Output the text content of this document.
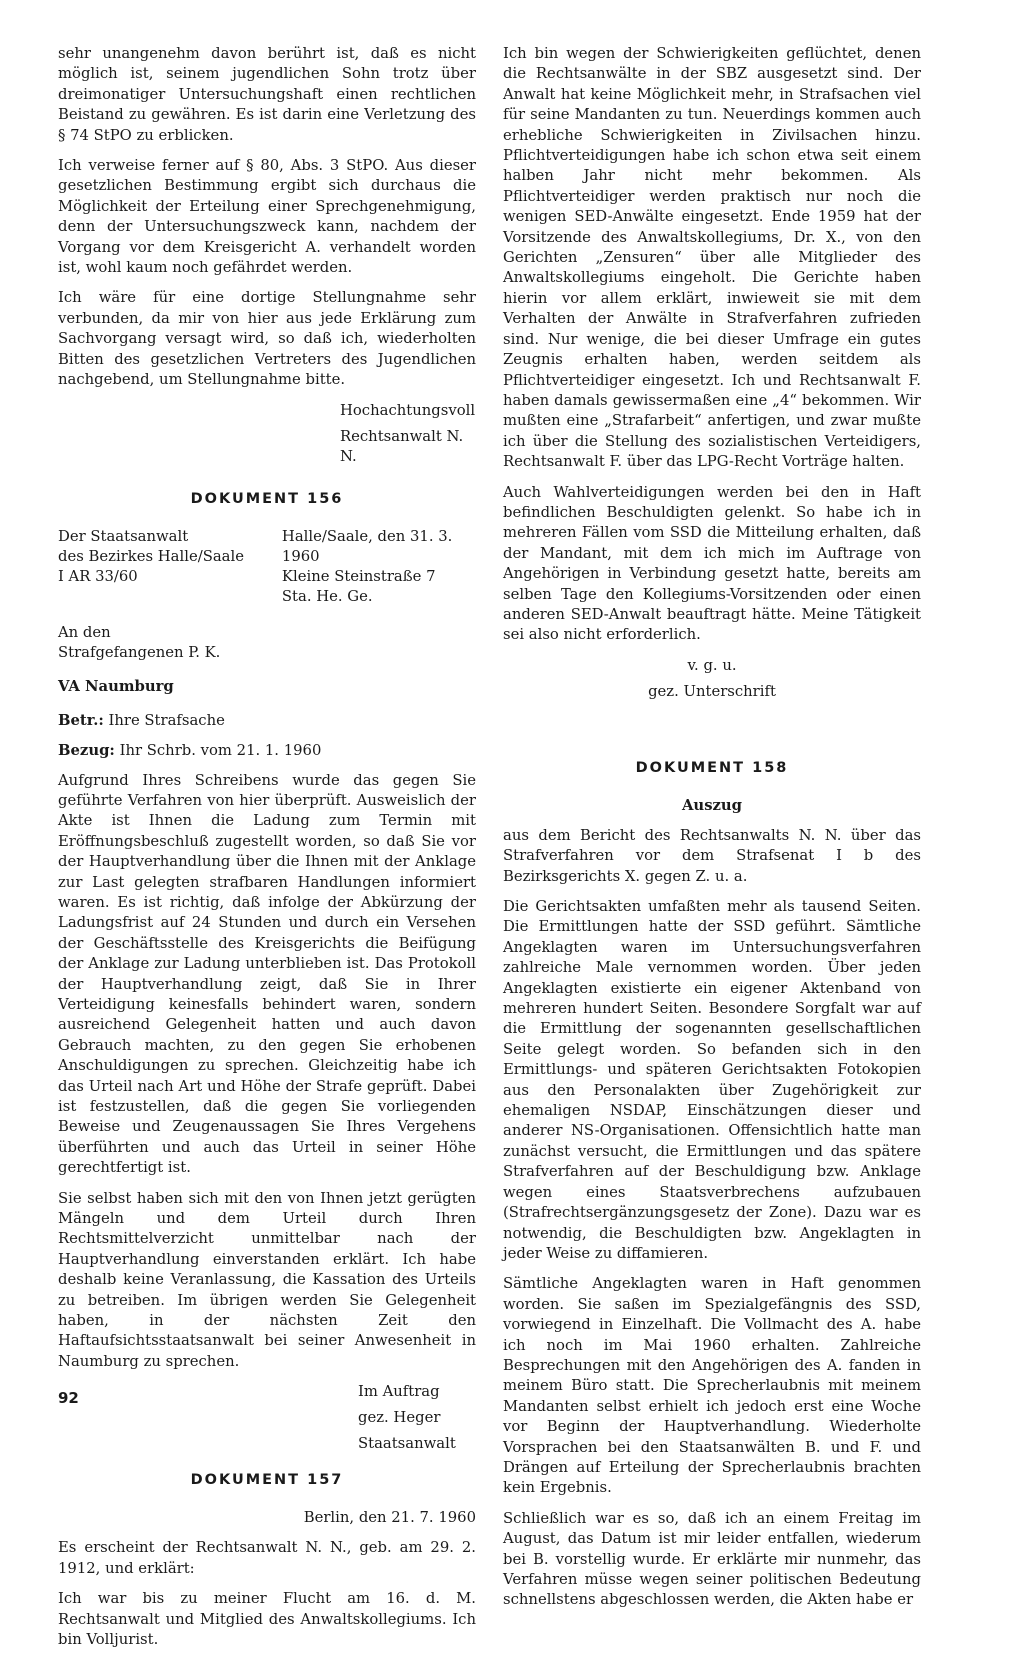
sehr unangenehm davon berührt ist, daß es nicht möglich ist, seinem jugendlichen Sohn trotz über dreimonatiger Untersuchungshaft einen rechtlichen Beistand zu gewähren. Es ist darin eine Verletzung des § 74 StPO zu erblicken.

Ich verweise ferner auf § 80, Abs. 3 StPO. Aus dieser gesetzlichen Bestimmung ergibt sich durchaus die Möglichkeit der Erteilung einer Sprechgenehmigung, denn der Untersuchungszweck kann, nachdem der Vorgang vor dem Kreisgericht A. verhandelt worden ist, wohl kaum noch gefährdet werden.

Ich wäre für eine dortige Stellungnahme sehr verbunden, da mir von hier aus jede Erklärung zum Sachvorgang versagt wird, so daß ich, wiederholten Bitten des gesetzlichen Vertreters des Jugendlichen nachgebend, um Stellungnahme bitte.

Hochachtungsvoll
Rechtsanwalt N. N.
DOKUMENT 156
Der Staatsanwalt
des Bezirkes Halle/Saale
I AR 33/60
Halle/Saale, den 31. 3. 1960
Kleine Steinstraße 7
Sta. He. Ge.
An den
Strafgefangenen P. K.
VA Naumburg
Betr.: Ihre Strafsache
Bezug: Ihr Schrb. vom 21. 1. 1960

Aufgrund Ihres Schreibens wurde das gegen Sie geführte Verfahren von hier überprüft. Ausweislich der Akte ist Ihnen die Ladung zum Termin mit Eröffnungsbeschluß zugestellt worden, so daß Sie vor der Hauptverhandlung über die Ihnen mit der Anklage zur Last gelegten strafbaren Handlungen informiert waren. Es ist richtig, daß infolge der Abkürzung der Ladungsfrist auf 24 Stunden und durch ein Versehen der Geschäftsstelle des Kreisgerichts die Beifügung der Anklage zur Ladung unterblieben ist. Das Protokoll der Hauptverhandlung zeigt, daß Sie in Ihrer Verteidigung keinesfalls behindert waren, sondern ausreichend Gelegenheit hatten und auch davon Gebrauch machten, zu den gegen Sie erhobenen Anschuldigungen zu sprechen. Gleichzeitig habe ich das Urteil nach Art und Höhe der Strafe geprüft. Dabei ist festzustellen, daß die gegen Sie vorliegenden Beweise und Zeugenaussagen Sie Ihres Vergehens überführten und auch das Urteil in seiner Höhe gerechtfertigt ist.

Sie selbst haben sich mit den von Ihnen jetzt gerügten Mängeln und dem Urteil durch Ihren Rechtsmittelverzicht unmittelbar nach der Hauptverhandlung einverstanden erklärt. Ich habe deshalb keine Veranlassung, die Kassation des Urteils zu betreiben. Im übrigen werden Sie Gelegenheit haben, in der nächsten Zeit den Haftaufsichtsstaatsanwalt bei seiner Anwesenheit in Naumburg zu sprechen.

Im Auftrag
gez. Heger
Staatsanwalt
DOKUMENT 157
Berlin, den 21. 7. 1960

Es erscheint der Rechtsanwalt N. N., geb. am 29. 2. 1912, und erklärt:

Ich war bis zu meiner Flucht am 16. d. M. Rechtsanwalt und Mitglied des Anwaltskollegiums. Ich bin Volljurist.

Ich bin wegen der Schwierigkeiten geflüchtet, denen die Rechtsanwälte in der SBZ ausgesetzt sind. Der Anwalt hat keine Möglichkeit mehr, in Strafsachen viel für seine Mandanten zu tun. Neuerdings kommen auch erhebliche Schwierigkeiten in Zivilsachen hinzu. Pflichtverteidigungen habe ich schon etwa seit einem halben Jahr nicht mehr bekommen. Als Pflichtverteidiger werden praktisch nur noch die wenigen SED-Anwälte eingesetzt. Ende 1959 hat der Vorsitzende des Anwaltskollegiums, Dr. X., von den Gerichten „Zensuren“ über alle Mitglieder des Anwaltskollegiums eingeholt. Die Gerichte haben hierin vor allem erklärt, inwieweit sie mit dem Verhalten der Anwälte in Strafverfahren zufrieden sind. Nur wenige, die bei dieser Umfrage ein gutes Zeugnis erhalten haben, werden seitdem als Pflichtverteidiger eingesetzt. Ich und Rechtsanwalt F. haben damals gewissermaßen eine „4“ bekommen. Wir mußten eine „Strafarbeit“ anfertigen, und zwar mußte ich über die Stellung des sozialistischen Verteidigers, Rechtsanwalt F. über das LPG-Recht Vorträge halten.

Auch Wahlverteidigungen werden bei den in Haft befindlichen Beschuldigten gelenkt. So habe ich in mehreren Fällen vom SSD die Mitteilung erhalten, daß der Mandant, mit dem ich mich im Auftrage von Angehörigen in Verbindung gesetzt hatte, bereits am selben Tage den Kollegiums-Vorsitzenden oder einen anderen SED-Anwalt beauftragt hätte. Meine Tätigkeit sei also nicht erforderlich.

v. g. u.
gez. Unterschrift
DOKUMENT 158
Auszug

aus dem Bericht des Rechtsanwalts N. N. über das Strafverfahren vor dem Strafsenat I b des Bezirksgerichts X. gegen Z. u. a.

Die Gerichtsakten umfaßten mehr als tausend Seiten. Die Ermittlungen hatte der SSD geführt. Sämtliche Angeklagten waren im Untersuchungsverfahren zahlreiche Male vernommen worden. Über jeden Angeklagten existierte ein eigener Aktenband von mehreren hundert Seiten. Besondere Sorgfalt war auf die Ermittlung der sogenannten gesellschaftlichen Seite gelegt worden. So befanden sich in den Ermittlungs- und späteren Gerichtsakten Fotokopien aus den Personalakten über Zugehörigkeit zur ehemaligen NSDAP, Einschätzungen dieser und anderer NS-Organisationen. Offensichtlich hatte man zunächst versucht, die Ermittlungen und das spätere Strafverfahren auf der Beschuldigung bzw. Anklage wegen eines Staatsverbrechens aufzubauen (Strafrechtsergänzungsgesetz der Zone). Dazu war es notwendig, die Beschuldigten bzw. Angeklagten in jeder Weise zu diffamieren.

Sämtliche Angeklagten waren in Haft genommen worden. Sie saßen im Spezialgefängnis des SSD, vorwiegend in Einzelhaft. Die Vollmacht des A. habe ich noch im Mai 1960 erhalten. Zahlreiche Besprechungen mit den Angehörigen des A. fanden in meinem Büro statt. Die Sprecherlaubnis mit meinem Mandanten selbst erhielt ich jedoch erst eine Woche vor Beginn der Hauptverhandlung. Wiederholte Vorsprachen bei den Staatsanwälten B. und F. und Drängen auf Erteilung der Sprecherlaubnis brachten kein Ergebnis.

Schließlich war es so, daß ich an einem Freitag im August, das Datum ist mir leider entfallen, wiederum bei B. vorstellig wurde. Er erklärte mir nunmehr, das Verfahren müsse wegen seiner politischen Bedeutung schnellstens abgeschlossen werden, die Akten habe er

92
